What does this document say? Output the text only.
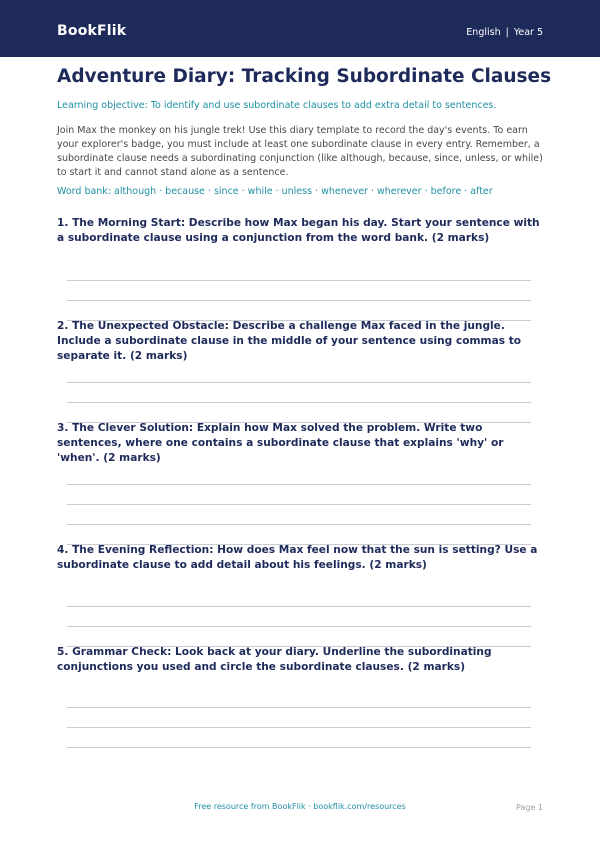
BookFlik	English | Year 5
Adventure Diary: Tracking Subordinate Clauses

Learning objective: To identify and use subordinate clauses to add extra detail to sentences.

Join Max the monkey on his jungle trek! Use this diary template to record the day's events. To earn your explorer's badge, you must include at least one subordinate clause in every entry. Remember, a subordinate clause needs a subordinating conjunction (like although, because, since, unless, or while) to start it and cannot stand alone as a sentence.

Word bank: although · because · since · while · unless · whenever · wherever · before · after

1. The Morning Start: Describe how Max began his day. Start your sentence with a subordinate clause using a conjunction from the word bank. (2 marks)

2. The Unexpected Obstacle: Describe a challenge Max faced in the jungle. Include a subordinate clause in the middle of your sentence using commas to separate it. (2 marks)

3. The Clever Solution: Explain how Max solved the problem. Write two sentences, where one contains a subordinate clause that explains 'why' or 'when'. (2 marks)

4. The Evening Reflection: How does Max feel now that the sun is setting? Use a subordinate clause to add detail about his feelings. (2 marks)

5. Grammar Check: Look back at your diary. Underline the subordinating conjunctions you used and circle the subordinate clauses. (2 marks)

Free resource from BookFlik · bookflik.com/resources	Page 1
